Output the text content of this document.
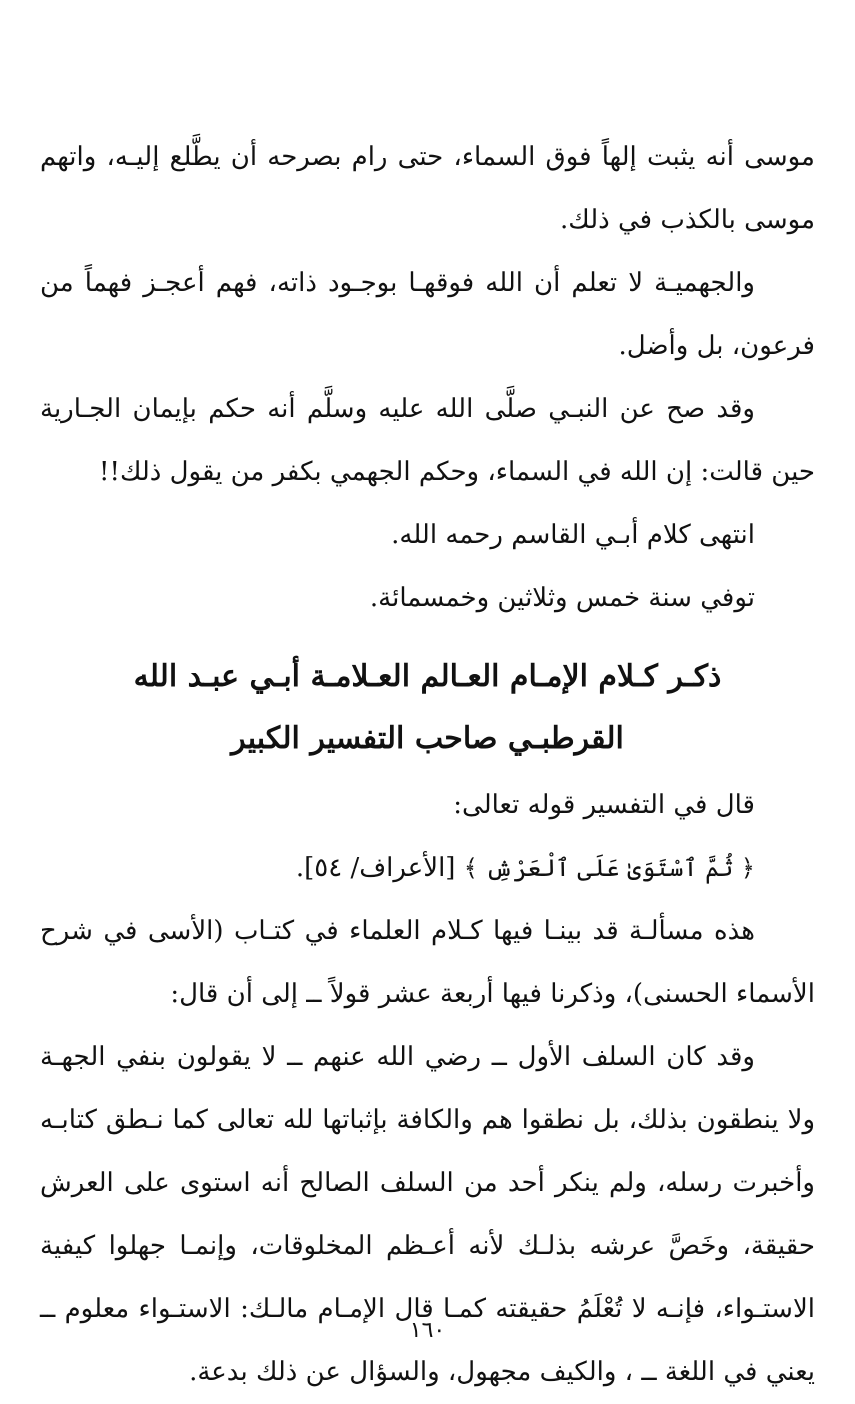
موسى أنه يثبت إلهاً فوق السماء، حتى رام بصرحه أن يطَّلع إليـه، واتهم موسى بالكذب في ذلك.

والجهميـة لا تعلم أن الله فوقهـا بوجـود ذاته، فهم أعجـز فهماً من فرعون، بل وأضل.

وقد صح عن النبـي صلَّى الله عليه وسلَّم أنه حكم بإيمان الجـارية حين قالت: إن الله في السماء، وحكم الجهمي بكفر من يقول ذلك!!

انتهى كلام أبـي القاسم رحمه الله.

توفي سنة خمس وثلاثين وخمسمائة.

ذكـر كـلام الإمـام العـالم العـلامـة أبـي عبـد الله

القرطبـي صاحب التفسير الكبير

قال في التفسير قوله تعالى:

﴿ ثُمَّ ٱسْتَوَىٰ عَلَى ٱلْعَرْشِ ﴾ [الأعراف/ ٥٤].

هذه مسألـة قد بينـا فيها كـلام العلماء في كتـاب (الأسى في شرح الأسماء الحسنى)، وذكرنا فيها أربعة عشر قولاً ــ إلى أن قال:

وقد كان السلف الأول ــ رضي الله عنهم ــ لا يقولون بنفي الجهـة ولا ينطقون بذلك، بل نطقوا هم والكافة بإثباتها لله تعالى كما نـطق كتابـه وأخبرت رسله، ولم ينكر أحد من السلف الصالح أنه استوى على العرش حقيقة، وخَصَّ عرشه بذلـك لأنه أعـظم المخلوقات، وإنمـا جهلوا كيفية الاستـواء، فإنـه لا تُعْلَمُ حقيقته كمـا قال الإمـام مالـك: الاستـواء معلوم ــ يعني في اللغة ــ ، والكيف مجهول، والسؤال عن ذلك بدعة.

١٦٠
